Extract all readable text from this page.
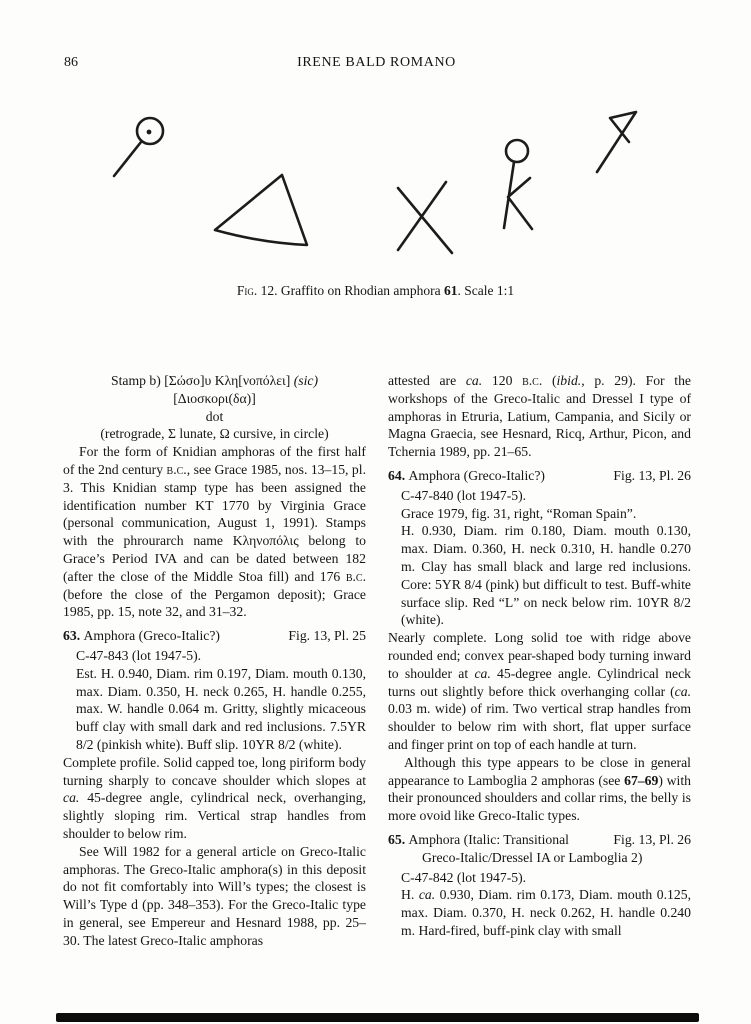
86	IRENE BALD ROMANO
Fig. 12. Graffito on Rhodian amphora 61. Scale 1:1
Stamp b) [Σώσο]υ Κλη[νοπόλει] (sic)
[Διοσκορι(δα)]
dot
(retrograde, Σ lunate, Ω cursive, in circle)

For the form of Knidian amphoras of the first half of the 2nd century b.c., see Grace 1985, nos. 13–15, pl. 3. This Knidian stamp type has been assigned the identification number KT 1770 by Virginia Grace (personal communication, August 1, 1991). Stamps with the phrourarch name Κληνοπόλις belong to Grace’s Period IVA and can be dated between 182 (after the close of the Middle Stoa fill) and 176 b.c. (before the close of the Pergamon deposit); Grace 1985, pp. 15, note 32, and 31–32.

63. Amphora (Greco-Italic?)	Fig. 13, Pl. 25

C-47-843 (lot 1947-5).

Est. H. 0.940, Diam. rim 0.197, Diam. mouth 0.130, max. Diam. 0.350, H. neck 0.265, H. handle 0.255, max. W. handle 0.064 m. Gritty, slightly micaceous buff clay with small dark and red inclusions. 7.5YR 8/2 (pinkish white). Buff slip. 10YR 8/2 (white).

Complete profile. Solid capped toe, long piriform body turning sharply to concave shoulder which slopes at ca. 45-degree angle, cylindrical neck, overhanging, slightly sloping rim. Vertical strap handles from shoulder to below rim.

See Will 1982 for a general article on Greco-Italic amphoras. The Greco-Italic amphora(s) in this deposit do not fit comfortably into Will’s types; the closest is Will’s Type d (pp. 348–353). For the Greco-Italic type in general, see Empereur and Hesnard 1988, pp. 25–30. The latest Greco-Italic amphoras

attested are ca. 120 b.c. (ibid., p. 29). For the workshops of the Greco-Italic and Dressel I type of amphoras in Etruria, Latium, Campania, and Sicily or Magna Graecia, see Hesnard, Ricq, Arthur, Picon, and Tchernia 1989, pp. 21–65.

64. Amphora (Greco-Italic?)	Fig. 13, Pl. 26

C-47-840 (lot 1947-5).

Grace 1979, fig. 31, right, “Roman Spain”.

H. 0.930, Diam. rim 0.180, Diam. mouth 0.130, max. Diam. 0.360, H. neck 0.310, H. handle 0.270 m. Clay has small black and large red inclusions. Core: 5YR 8/4 (pink) but difficult to test. Buff-white surface slip. Red “L” on neck below rim. 10YR 8/2 (white).

Nearly complete. Long solid toe with ridge above rounded end; convex pear-shaped body turning inward to shoulder at ca. 45-degree angle. Cylindrical neck turns out slightly before thick overhanging collar (ca. 0.03 m. wide) of rim. Two vertical strap handles from shoulder to below rim with short, flat upper surface and finger print on top of each handle at turn.

Although this type appears to be close in general appearance to Lamboglia 2 amphoras (see 67–69) with their pronounced shoulders and collar rims, the belly is more ovoid like Greco-Italic types.

65. Amphora (Italic: Transitional	Fig. 13, Pl. 26
Greco-Italic/Dressel IA or Lamboglia 2)

C-47-842 (lot 1947-5).

H. ca. 0.930, Diam. rim 0.173, Diam. mouth 0.125, max. Diam. 0.370, H. neck 0.262, H. handle 0.240 m. Hard-fired, buff-pink clay with small
